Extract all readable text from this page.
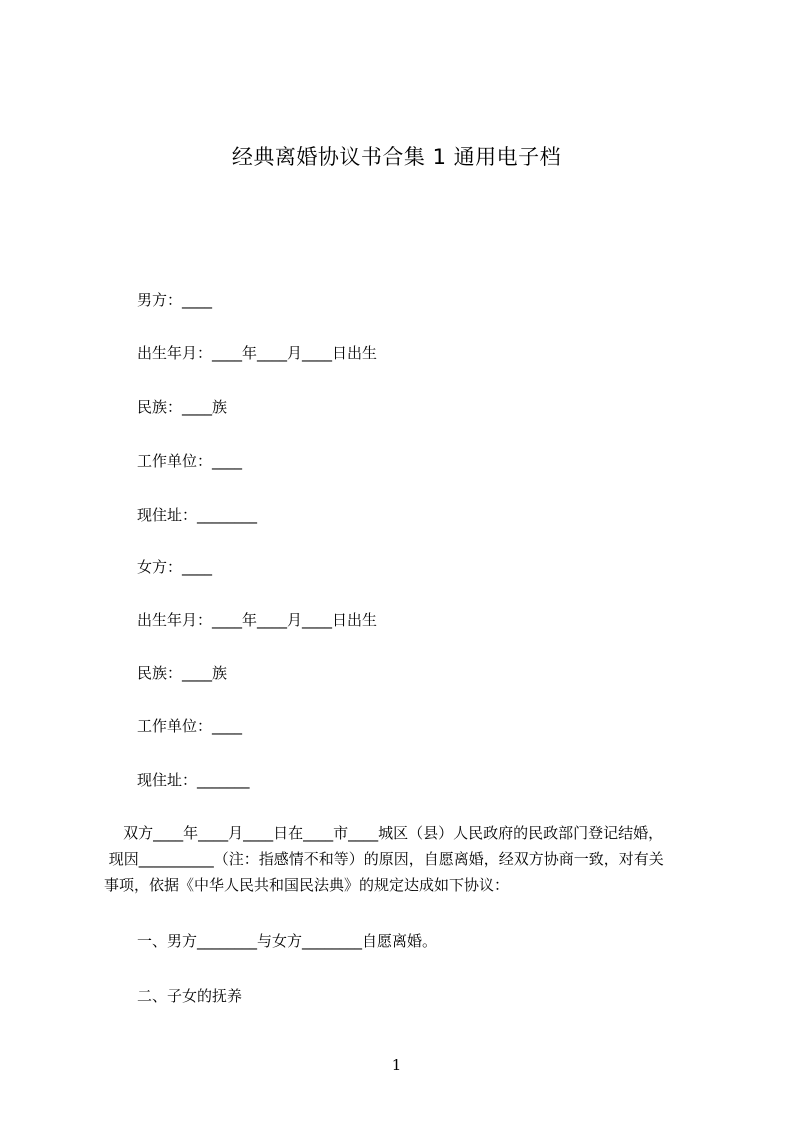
经典离婚协议书合集 1 通用电子档
男方：____
出生年月：____年____月____日出生
民族：____族
工作单位：____
现住址：________
女方：____
出生年月：____年____月____日出生
民族：____族
工作单位：____
现住址：_______
双方____年____月____日在____市____城区（县）人民政府的民政部门登记结婚，
现因__________（注：指感情不和等）的原因，自愿离婚，经双方协商一致，对有关
事项，依据《中华人民共和国民法典》的规定达成如下协议：
一、男方________与女方________自愿离婚。
二、子女的抚养
1
